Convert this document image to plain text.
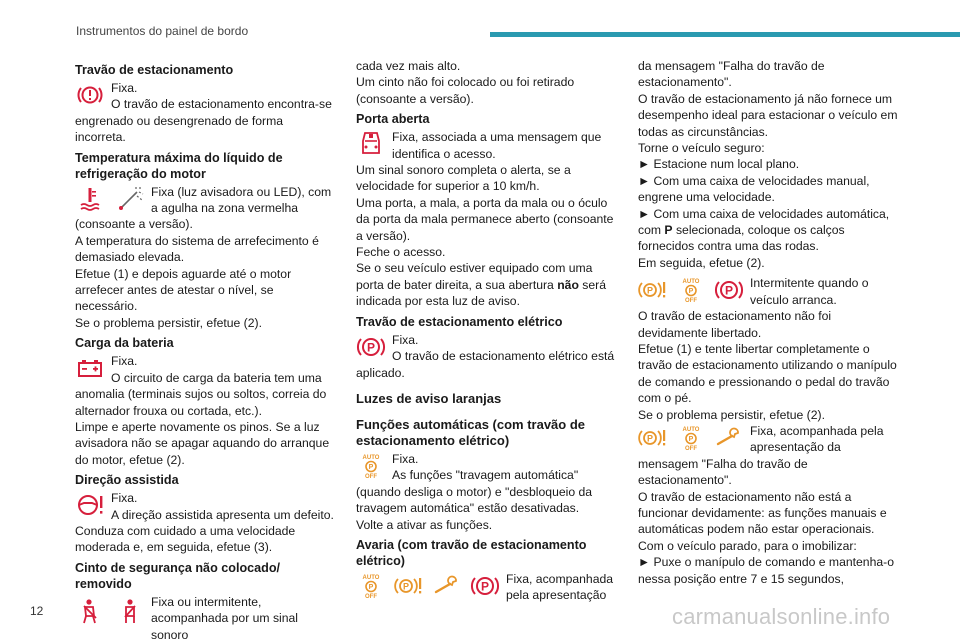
Instrumentos do painel de bordo
Travão de estacionamento
Fixa.
O travão de estacionamento encontra-se

engrenado ou desengrenado de forma incorreta.

Temperatura máxima do líquido de refrigeração do motor
Fixa (luz avisadora ou LED), com a agulha na zona vermelha

(consoante a versão).
A temperatura do sistema de arrefecimento é demasiado elevada.
Efetue (1) e depois aguarde até o motor arrefecer antes de atestar o nível, se necessário.
Se o problema persistir, efetue (2).

Carga da bateria
Fixa.
O circuito de carga da bateria tem uma

anomalia (terminais sujos ou soltos, correia do alternador frouxa ou cortada, etc.).
Limpe e aperte novamente os pinos. Se a luz avisadora não se apagar aquando do arranque do motor, efetue (2).

Direção assistida
Fixa.
A direção assistida apresenta um defeito.

Conduza com cuidado a uma velocidade moderada e, em seguida, efetue (3).

Cinto de segurança não colocado/ removido
Fixa ou intermitente, acompanhada por um sinal sonoro

cada vez mais alto.
Um cinto não foi colocado ou foi retirado (consoante a versão).

Porta aberta
Fixa, associada a uma mensagem que identifica o acesso.

Um sinal sonoro completa o alerta, se a velocidade for superior a 10 km/h.
Uma porta, a mala, a porta da mala ou o óculo da porta da mala permanece aberto (consoante a versão).
Feche o acesso.
Se o seu veículo estiver equipado com uma porta de bater direita, a sua abertura não será indicada por esta luz de aviso.

Travão de estacionamento elétrico
P
Fixa.
O travão de estacionamento elétrico está

aplicado.

Luzes de aviso laranjas
Funções automáticas (com travão de estacionamento elétrico)
AUTO
P
OFF
Fixa.
As funções "travagem automática"

(quando desliga o motor) e "desbloqueio da travagem automática" estão desativadas.
Volte a ativar as funções.

Avaria (com travão de estacionamento elétrico)
AUTO
P
OFF
P	P
Fixa, acompanhada pela apresentação

da mensagem "Falha do travão de estacionamento".
O travão de estacionamento já não fornece um desempenho ideal para estacionar o veículo em todas as circunstâncias.
Torne o veículo seguro:
► Estacione num local plano.
► Com uma caixa de velocidades manual, engrene uma velocidade.
► Com uma caixa de velocidades automática, com P selecionada, coloque os calços fornecidos contra uma das rodas.
Em seguida, efetue (2).

P
AUTO
P
OFF
P
Intermitente quando o veículo arranca.

O travão de estacionamento não foi devidamente libertado.
Efetue (1) e tente libertar completamente o travão de estacionamento utilizando o manípulo de comando e pressionando o pedal do travão com o pé.
Se o problema persistir, efetue (2).

P
AUTO
P
OFF
Fixa, acompanhada pela apresentação da

mensagem "Falha do travão de estacionamento".
O travão de estacionamento não está a funcionar devidamente: as funções manuais e automáticas podem não estar operacionais.
Com o veículo parado, para o imobilizar:
► Puxe o manípulo de comando e mantenha-o nessa posição entre 7 e 15 segundos,

12	carmanualsonline.info
